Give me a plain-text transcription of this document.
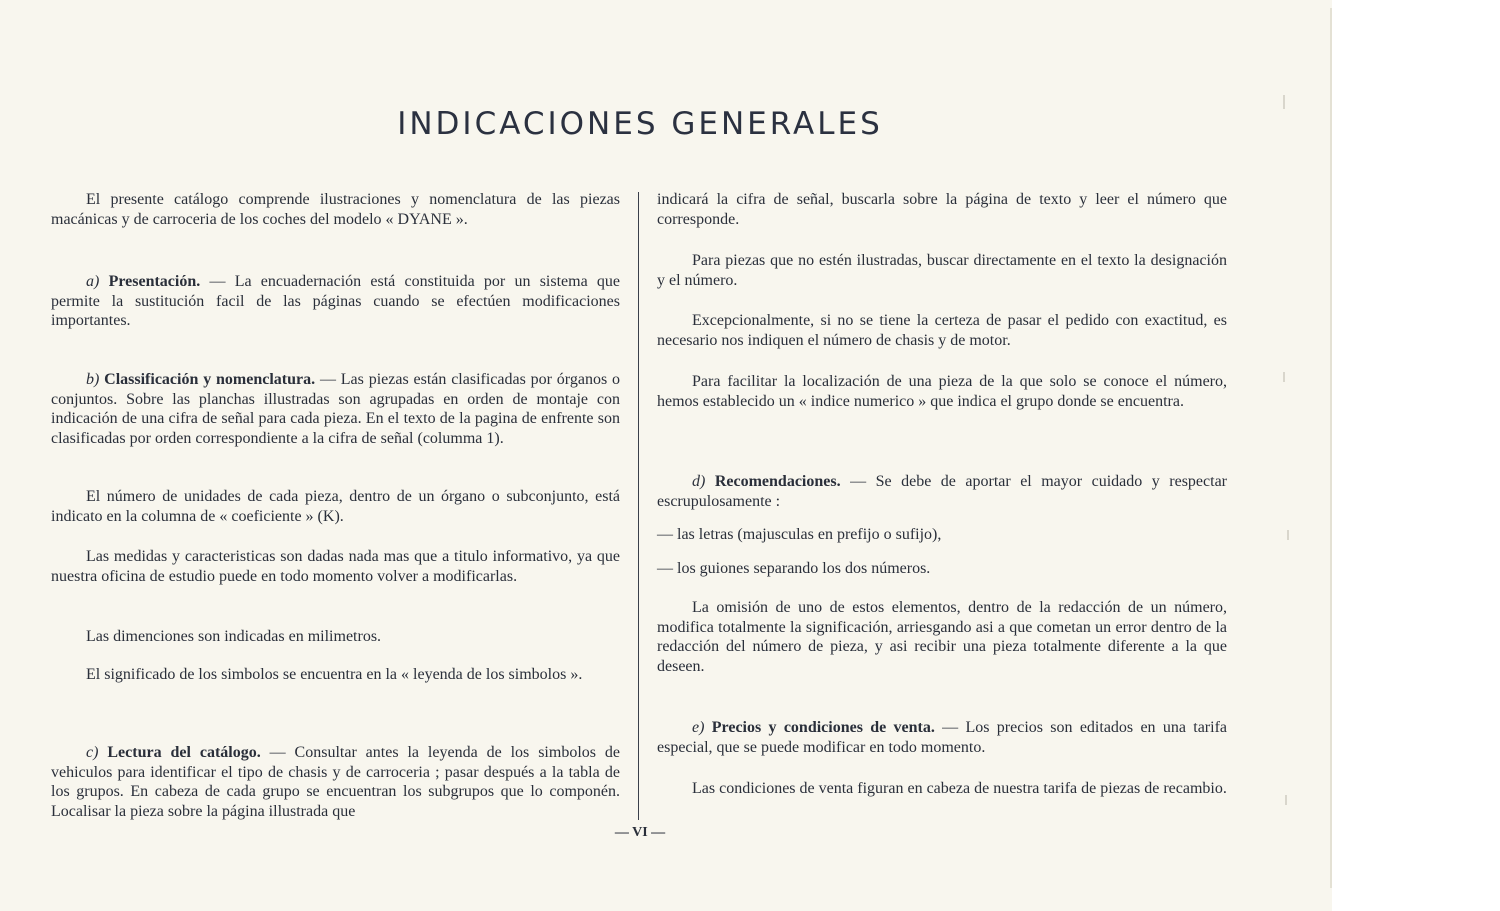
INDICACIONES GENERALES

El presente catálogo comprende ilustraciones y nomenclatura de las piezas macánicas y de carroceria de los coches del modelo « DYANE ».

a) Presentación. — La encuadernación está constituida por un sistema que permite la sustitución facil de las páginas cuando se efectúen modificaciones importantes.

b) Classificación y nomenclatura. — Las piezas están clasificadas por órganos o conjuntos. Sobre las planchas illustradas son agrupadas en orden de montaje con indicación de una cifra de señal para cada pieza. En el texto de la pagina de enfrente son clasificadas por orden correspondiente a la cifra de señal (columma 1).

El número de unidades de cada pieza, dentro de un órgano o subconjunto, está indicato en la columna de « coeficiente » (K).

Las medidas y caracteristicas son dadas nada mas que a titulo informativo, ya que nuestra oficina de estudio puede en todo momento volver a modificarlas.

Las dimenciones son indicadas en milimetros.

El significado de los simbolos se encuentra en la « leyenda de los simbolos ».

c) Lectura del catálogo. — Consultar antes la leyenda de los simbolos de vehiculos para identificar el tipo de chasis y de carroceria ; pasar después a la tabla de los grupos. En cabeza de cada grupo se encuentran los subgrupos que lo componén. Localisar la pieza sobre la página illustrada que

indicará la cifra de señal, buscarla sobre la página de texto y leer el número que corresponde.

Para piezas que no estén ilustradas, buscar directamente en el texto la designación y el número.

Excepcionalmente, si no se tiene la certeza de pasar el pedido con exactitud, es necesario nos indiquen el número de chasis y de motor.

Para facilitar la localización de una pieza de la que solo se conoce el número, hemos establecido un « indice numerico » que indica el grupo donde se encuentra.

d) Recomendaciones. — Se debe de aportar el mayor cuidado y respectar escrupulosamente :

— las letras (majusculas en prefijo o sufijo),

— los guiones separando los dos números.

La omisión de uno de estos elementos, dentro de la redacción de un número, modifica totalmente la significación, arriesgando asi a que cometan un error dentro de la redacción del número de pieza, y asi recibir una pieza totalmente diferente a la que deseen.

e) Precios y condiciones de venta. — Los precios son editados en una tarifa especial, que se puede modificar en todo momento.

Las condiciones de venta figuran en cabeza de nuestra tarifa de piezas de recambio.

— VI —
